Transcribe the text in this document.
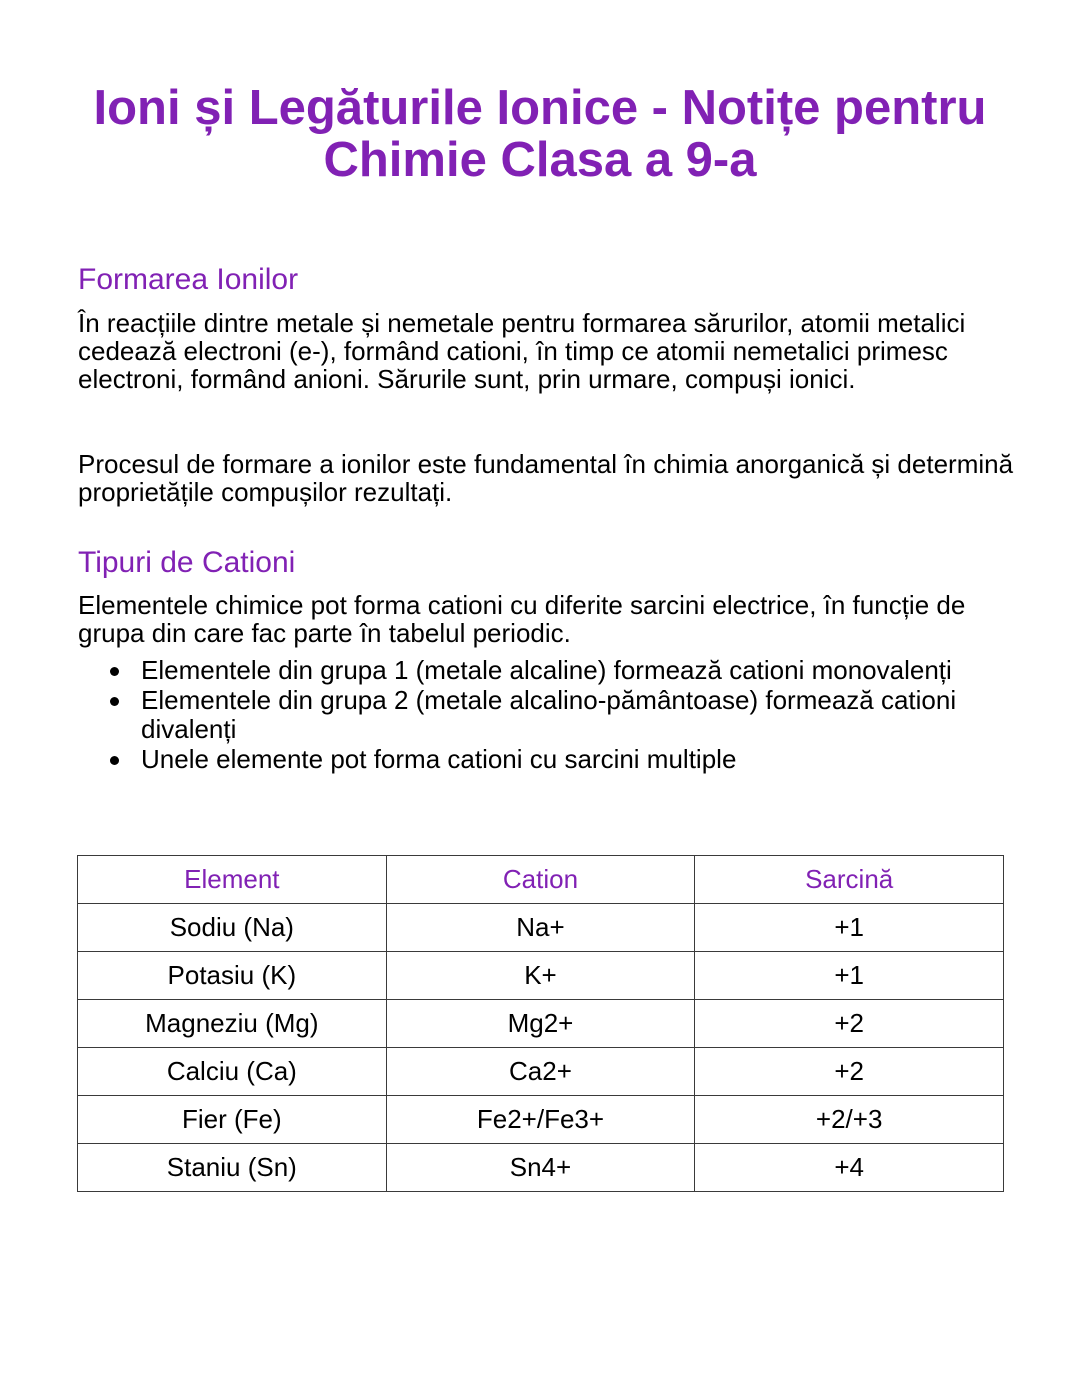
Ioni și Legăturile Ionice - Notițe pentru Chimie Clasa a 9-a
Formarea Ionilor

În reacțiile dintre metale și nemetale pentru formarea sărurilor, atomii metalici cedează electroni (e-), formând cationi, în timp ce atomii nemetalici primesc electroni, formând anioni. Sărurile sunt, prin urmare, compuși ionici.

Procesul de formare a ionilor este fundamental în chimia anorganică și determină proprietățile compușilor rezultați.

Tipuri de Cationi

Elementele chimice pot forma cationi cu diferite sarcini electrice, în funcție de grupa din care fac parte în tabelul periodic.

Elementele din grupa 1 (metale alcaline) formează cationi monovalenți
Elementele din grupa 2 (metale alcalino-pământoase) formează cationi divalenți
Unele elemente pot forma cationi cu sarcini multiple
Element	Cation	Sarcină
Sodiu (Na)	Na+	+1
Potasiu (K)	K+	+1
Magneziu (Mg)	Mg2+	+2
Calciu (Ca)	Ca2+	+2
Fier (Fe)	Fe2+/Fe3+	+2/+3
Staniu (Sn)	Sn4+	+4
